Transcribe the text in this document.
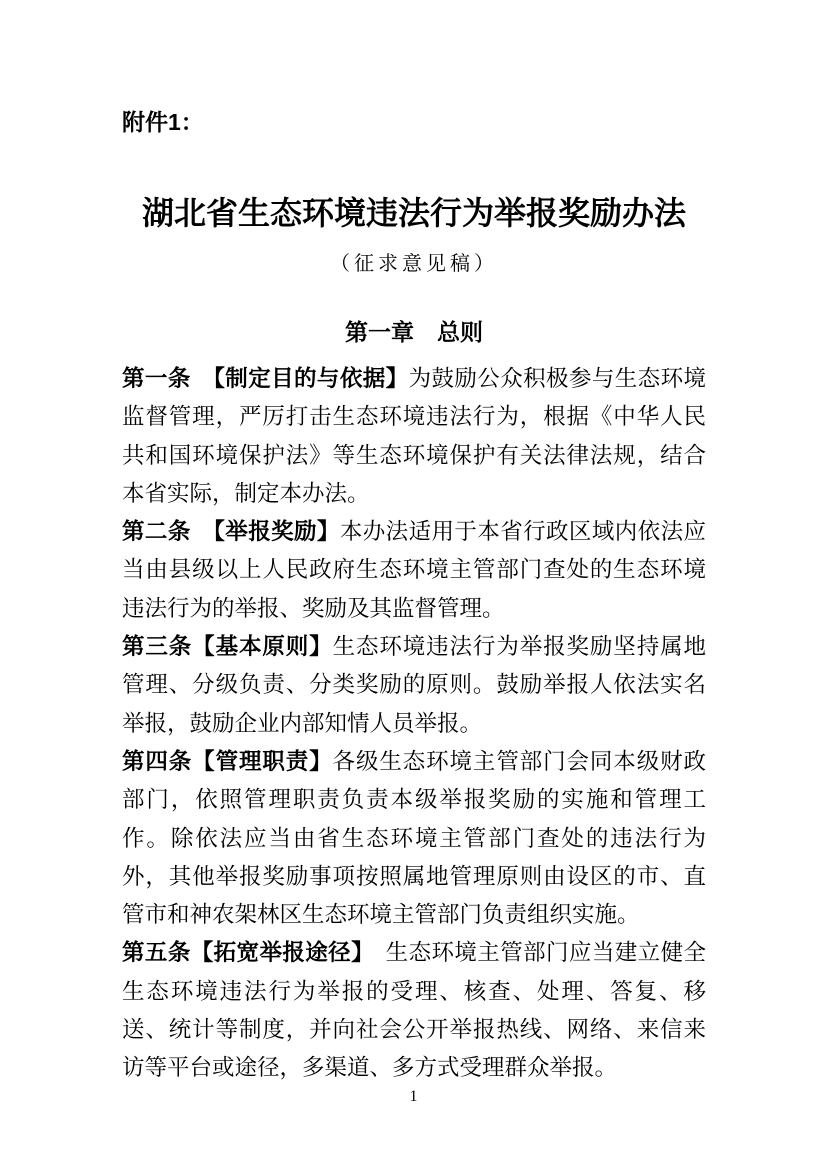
附件1：
湖北省生态环境违法行为举报奖励办法
（征求意见稿）
第一章　总则

第一条　【制定目的与依据】为鼓励公众积极参与生态环境监督管理，严厉打击生态环境违法行为，根据《中华人民共和国环境保护法》等生态环境保护有关法律法规，结合本省实际，制定本办法。

第二条　【举报奖励】本办法适用于本省行政区域内依法应当由县级以上人民政府生态环境主管部门查处的生态环境违法行为的举报、奖励及其监督管理。

第三条【基本原则】生态环境违法行为举报奖励坚持属地管理、分级负责、分类奖励的原则。鼓励举报人依法实名举报，鼓励企业内部知情人员举报。

第四条【管理职责】各级生态环境主管部门会同本级财政部门，依照管理职责负责本级举报奖励的实施和管理工作。除依法应当由省生态环境主管部门查处的违法行为外，其他举报奖励事项按照属地管理原则由设区的市、直管市和神农架林区生态环境主管部门负责组织实施。

第五条【拓宽举报途径】　生态环境主管部门应当建立健全生态环境违法行为举报的受理、核查、处理、答复、移送、统计等制度，并向社会公开举报热线、网络、来信来访等平台或途径，多渠道、多方式受理群众举报。

1
